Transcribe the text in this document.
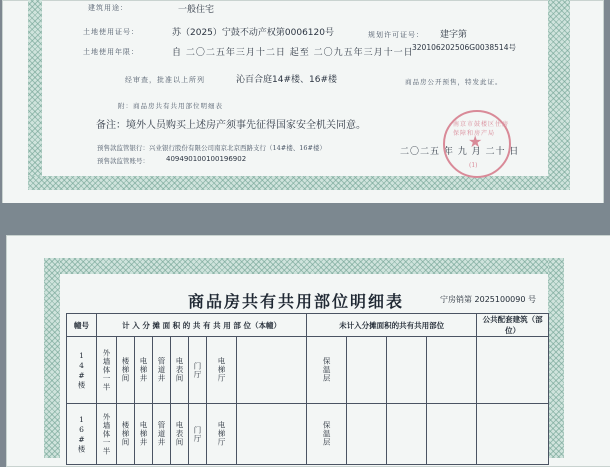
建筑用途：	一般住宅
土地使用证号：	苏（2025）宁鼓不动产权第0006120号	规划许可证号： 建字第
320106202506G0038514号
土地使用年限：	自 二〇二五年三月十二日 起至 二〇九五年三月十一日
经审查，批准以上所列	沁百合庭14#楼、16#楼	商品房公开预售，特发此证。
附：商品房共有共用部位明细表
备注：境外人员购买上述房产须事先征得国家安全机关同意。
预售款监管银行：兴业银行股份有限公司南京北京西路支行（14#楼、16#楼）
预售款监管账号： 409490100100196902
二〇二五 年 九 月 二十 日
南京市鼓楼区住房保障和房产局
★
(1)
商品房共有共用部位明细表	宁房销第 2025100090 号
幢号	计 入 分 摊 面 积 的 共 有 共 用 部 位（本幢）								未计入分摊面积的共有共用部位				公共配套建筑（部位）
14#楼	外墙体一半	楼梯间	电梯井	管道井	电表间	门厅	电梯厅		保温层				
16#楼	外墙体一半	楼梯间	电梯井	管道井	电表间	门厅	电梯厅		保温层				
